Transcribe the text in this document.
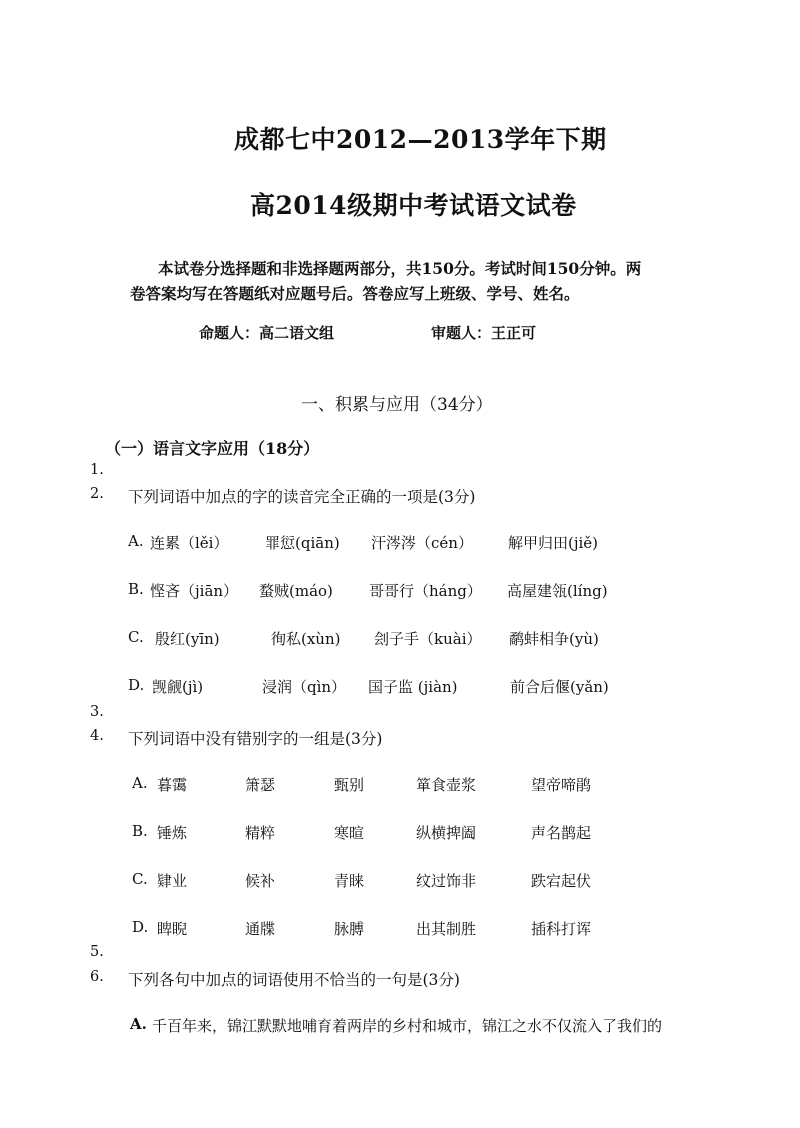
成都七中2012—2013学年下期
高2014级期中考试语文试卷
本试卷分选择题和非选择题两部分，共150分。考试时间150分钟。两
卷答案均写在答题纸对应题号后。答卷应写上班级、学号、姓名。
命题人：高二语文组	审题人：王正可
一、积累与应用（34分）
（一）语言文字应用（18分）
1.
2. 下列词语中加点的字的读音完全正确的一项是(3分)
A. 连累（lěi） 罪愆(qiān) 汗涔涔（cén） 解甲归田(jiě)
B. 悭吝（jiān） 蝥贼(máo) 哥哥行（háng） 高屋建瓴(líng)
C. 殷红(yīn)	徇私(xùn) 刽子手（kuài） 鹬蚌相争(yù)
D. 觊觎(jì)	浸润（qìn） 国子监 (jiàn)	前合后偃(yǎn)
3.
4. 下列词语中没有错别字的一组是(3分)
A. 暮霭	箫瑟	甄别	箪食壶浆	望帝啼鹃
B. 锤炼	精粹	寒暄	纵横捭阖	声名鹊起
C. 肄业	候补	青睐	纹过饰非	跌宕起伏
D. 睥睨	通牒	脉膊	出其制胜	插科打诨
5.
6. 下列各句中加点的词语使用不恰当的一句是(3分)
A. 千百年来，锦江默默地哺育着两岸的乡村和城市，锦江之水不仅流入了我们的
